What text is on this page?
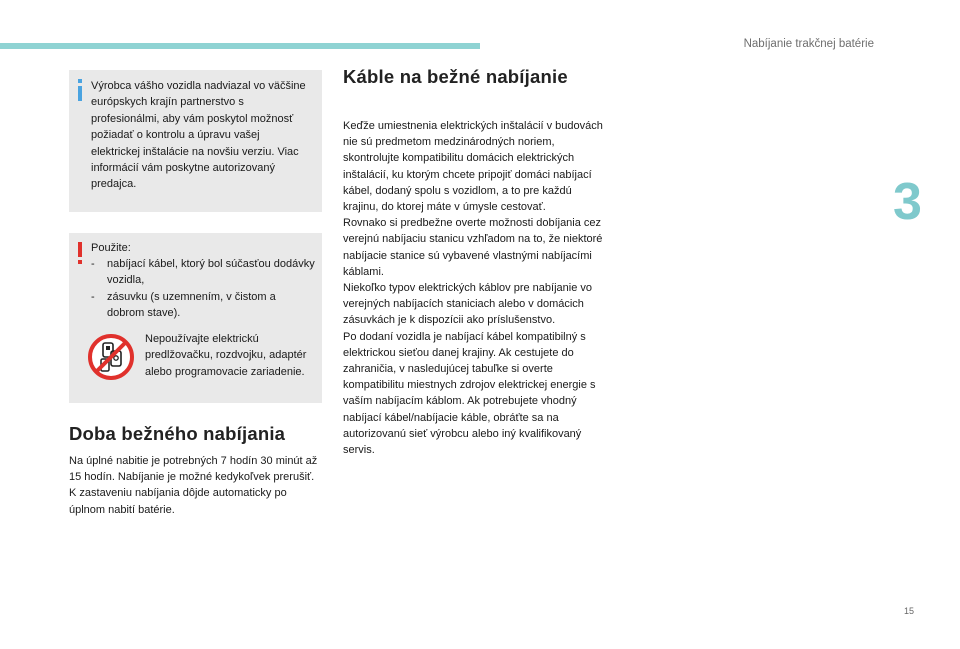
Nabíjanie trakčnej batérie
3
Výrobca vášho vozidla nadviazal vo väčšine európskych krajín partnerstvo s profesionálmi, aby vám poskytol možnosť požiadať o kontrolu a úpravu vašej elektrickej inštalácie na novšiu verziu. Viac informácií vám poskytne autorizovaný predajca.
Použite:
- nabíjací kábel, ktorý bol súčasťou dodávky vozidla,
- zásuvku (s uzemnením, v čistom a dobrom stave).
Nepoužívajte elektrickú predlžovačku, rozdvojku, adaptér alebo programovacie zariadenie.
Doba bežného nabíjania
Na úplné nabitie je potrebných 7 hodín 30 minút až 15 hodín. Nabíjanie je možné kedykoľvek prerušiť. K zastaveniu nabíjania dôjde automaticky po úplnom nabití batérie.
Káble na bežné nabíjanie
Keďže umiestnenia elektrických inštalácií v budovách nie sú predmetom medzinárodných noriem, skontrolujte kompatibilitu domácich elektrických inštalácií, ku ktorým chcete pripojiť domáci nabíjací kábel, dodaný spolu s vozidlom, a to pre každú krajinu, do ktorej máte v úmysle cestovať.
Rovnako si predbežne overte možnosti dobíjania cez verejnú nabíjaciu stanicu vzhľadom na to, že niektoré nabíjacie stanice sú vybavené vlastnými nabíjacími káblami.
Niekoľko typov elektrických káblov pre nabíjanie vo verejných nabíjacích staniciach alebo v domácich zásuvkách je k dispozícii ako príslušenstvo.
Po dodaní vozidla je nabíjací kábel kompatibilný s elektrickou sieťou danej krajiny. Ak cestujete do zahraničia, v nasledujúcej tabuľke si overte kompatibilitu miestnych zdrojov elektrickej energie s vaším nabíjacím káblom. Ak potrebujete vhodný nabíjací kábel/nabíjacie káble, obráťte sa na autorizovanú sieť výrobcu alebo iný kvalifikovaný servis.
15
